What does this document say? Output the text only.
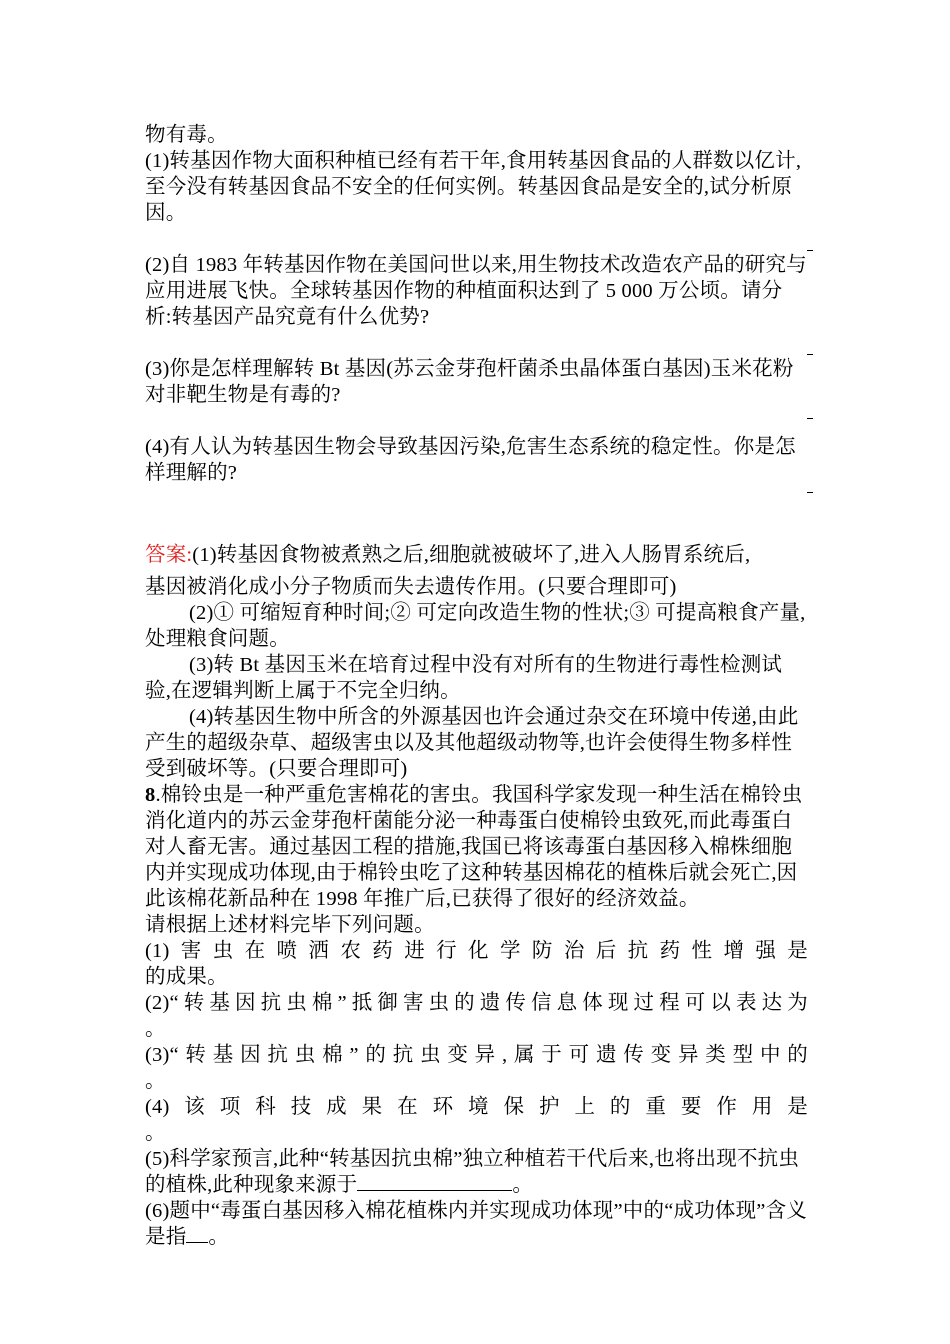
物有毒。

(1)转基因作物大面积种植已经有若干年,食用转基因食品的人群数以亿计,至今没有转基因食品不安全的任何实例。转基因食品是安全的,试分析原因。

(2)自 1983 年转基因作物在美国问世以来,用生物技术改造农产品的研究与应用进展飞快。全球转基因作物的种植面积达到了 5 000 万公顷。请分析:转基因产品究竟有什么优势?

(3)你是怎样理解转 Bt 基因(苏云金芽孢杆菌杀虫晶体蛋白基因)玉米花粉对非靶生物是有毒的?

(4)有人认为转基因生物会导致基因污染,危害生态系统的稳定性。你是怎样理解的?

答案:(1)转基因食物被煮熟之后,细胞就被破坏了,进入人肠胃系统后,

基因被消化成小分子物质而失去遗传作用。(只要合理即可)

(2)① 可缩短育种时间;② 可定向改造生物的性状;③ 可提高粮食产量,处理粮食问题。

(3)转 Bt 基因玉米在培育过程中没有对所有的生物进行毒性检测试验,在逻辑判断上属于不完全归纳。

(4)转基因生物中所含的外源基因也许会通过杂交在环境中传递,由此产生的超级杂草、超级害虫以及其他超级动物等,也许会使得生物多样性受到破坏等。(只要合理即可)

8.棉铃虫是一种严重危害棉花的害虫。我国科学家发现一种生活在棉铃虫消化道内的苏云金芽孢杆菌能分泌一种毒蛋白使棉铃虫致死,而此毒蛋白对人畜无害。通过基因工程的措施,我国已将该毒蛋白基因移入棉株细胞内并实现成功体现,由于棉铃虫吃了这种转基因棉花的植株后就会死亡,因此该棉花新品种在 1998 年推广后,已获得了很好的经济效益。

请根据上述材料完毕下列问题。

(1)害虫在喷洒农药进行化学防治后抗药性增强是

的成果。

(2)“转基因抗虫棉”抵御害虫的遗传信息体现过程可以表达为

。

(3)“转基因抗虫棉”的抗虫变异,属于可遗传变异类型中的

。

(4)该项科技成果在环境保护上的重要作用是

。

(5)科学家预言,此种“转基因抗虫棉”独立种植若干代后来,也将出现不抗虫的植株,此种现象来源于	。

(6)题中“毒蛋白基因移入棉花植株内并实现成功体现”中的“成功体现”含义是指 。
